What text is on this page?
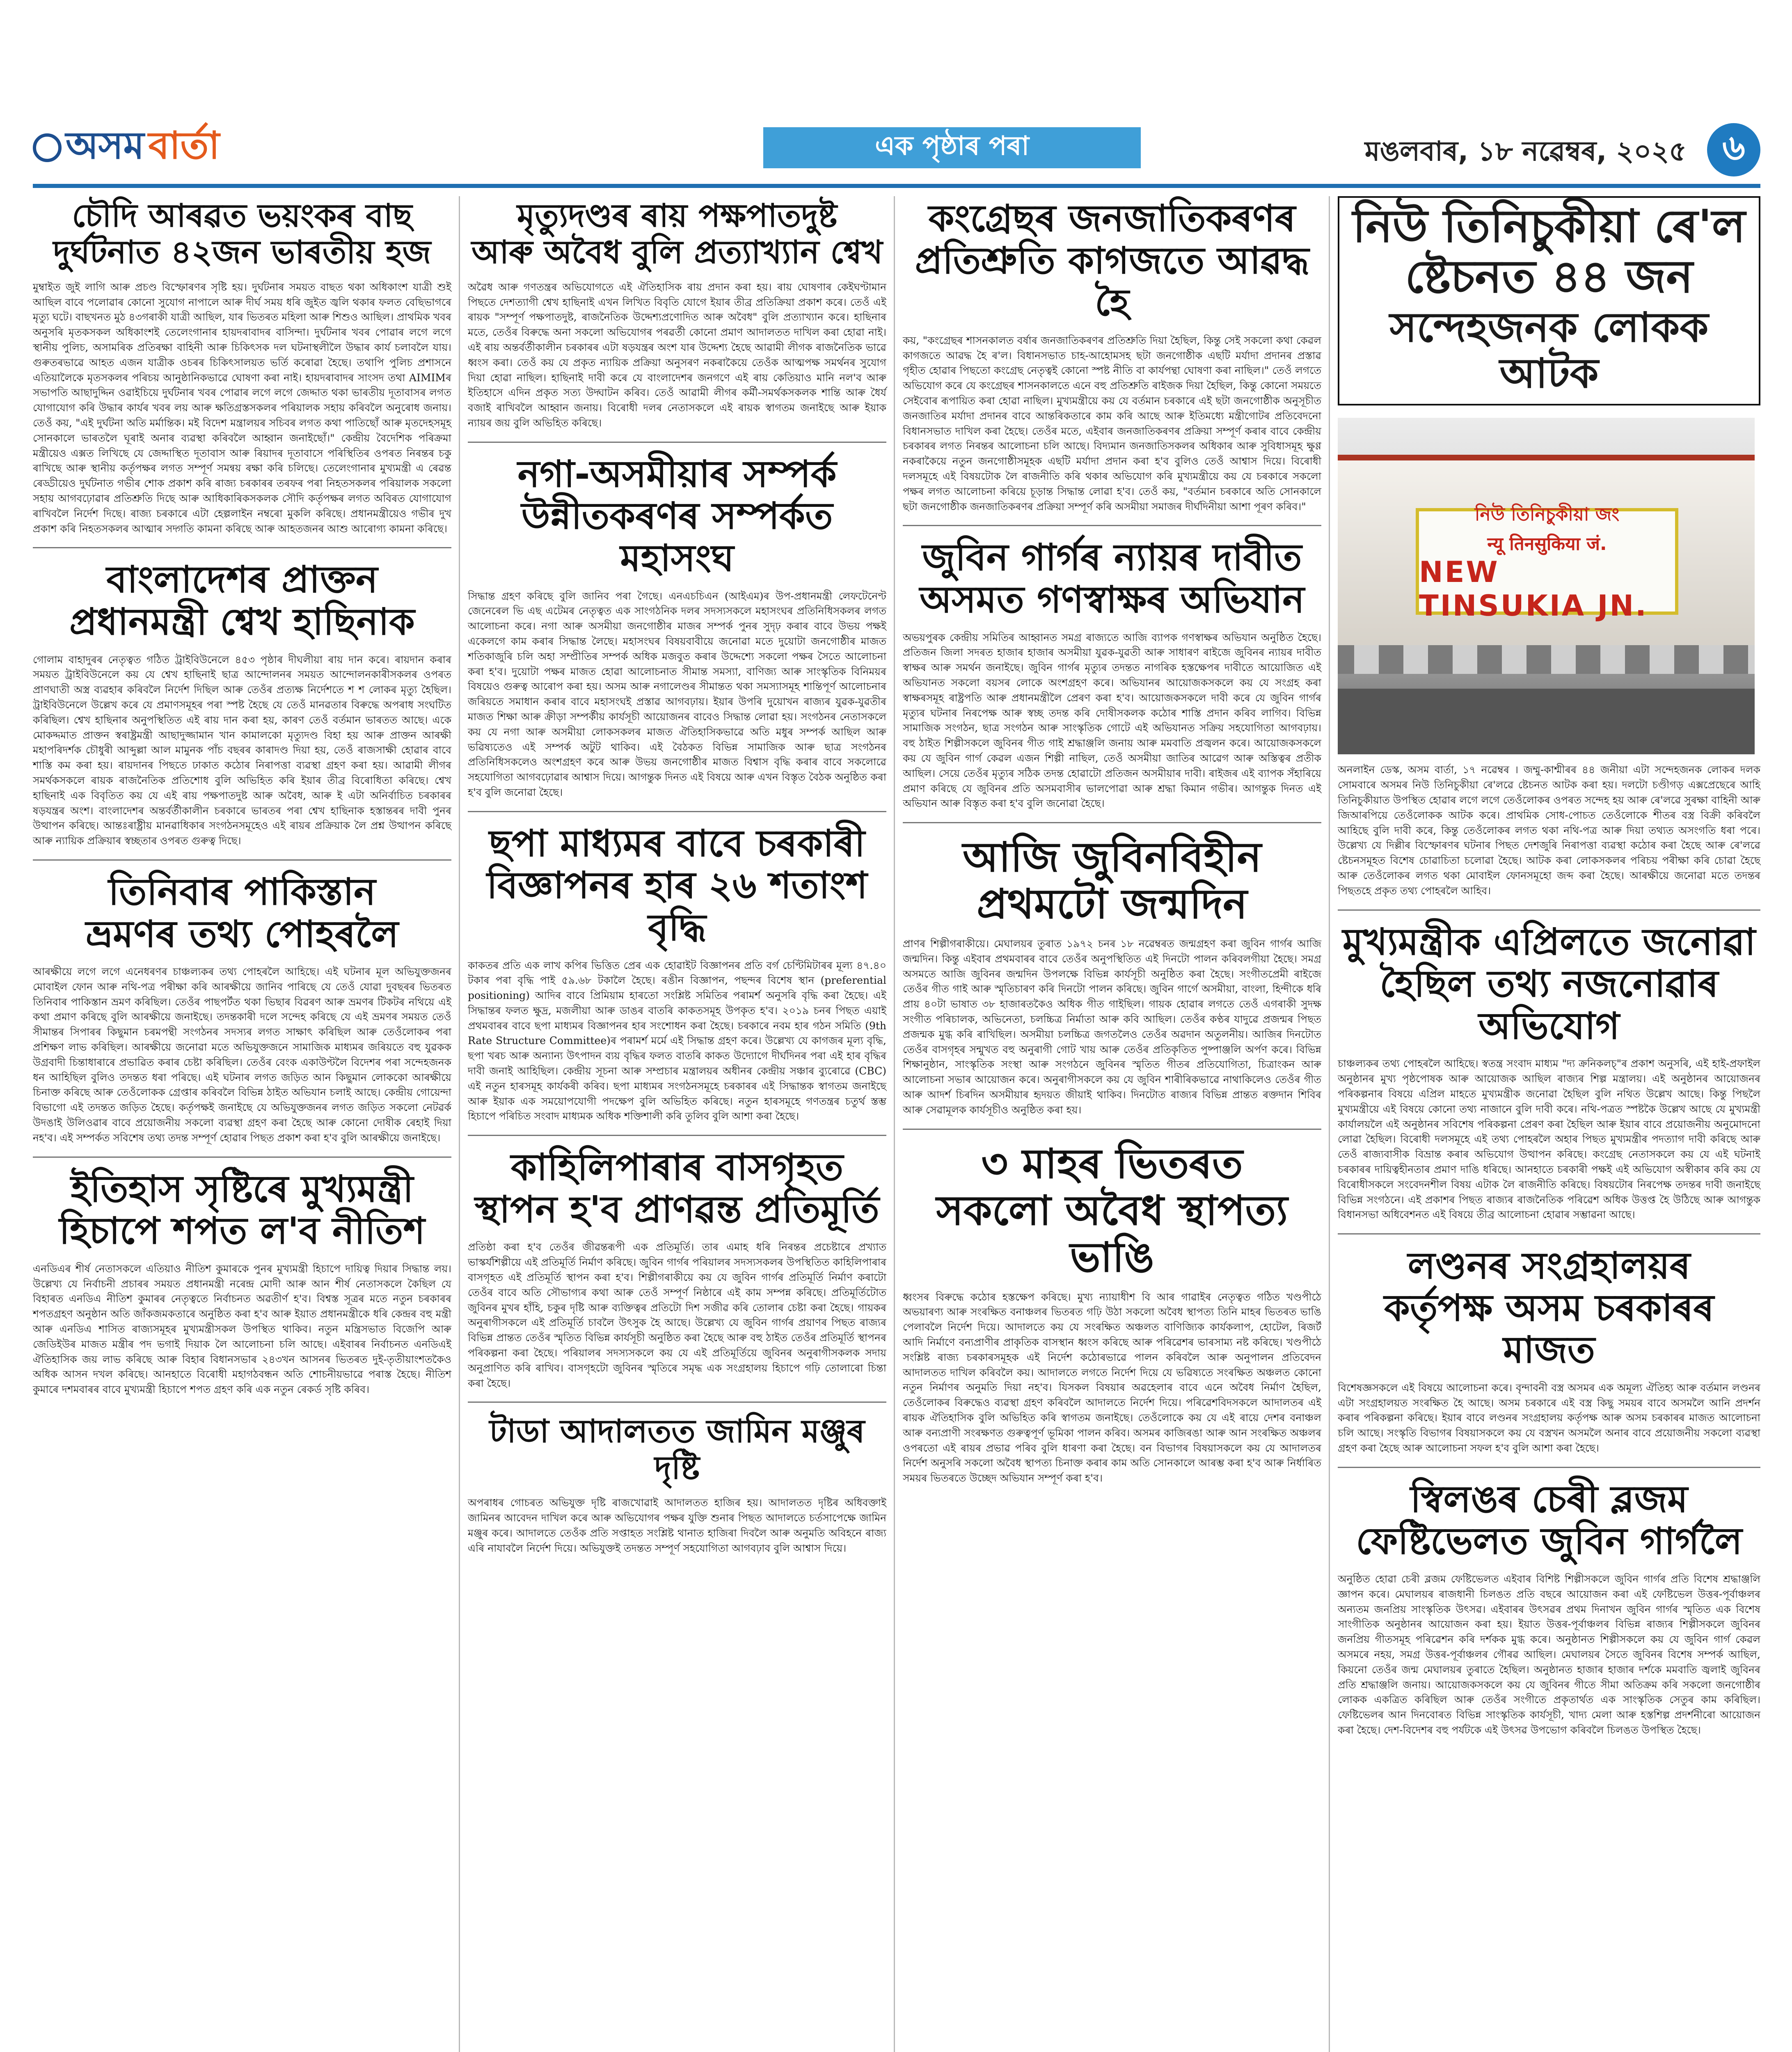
অসম বাৰ্তা	এক পৃষ্ঠাৰ পৰা	মঙলবাৰ, ১৮ নৱেম্বৰ, ২০২৫	৬
চৌদি আৰৱত ভয়ংকৰ বাছ
দুৰ্ঘটনাত ৪২জন ভাৰতীয় হজ
মুম্বাইত জুই লাগি আৰু প্ৰচণ্ড বিস্ফোৰণৰ সৃষ্টি হয়। দুৰ্ঘটনাৰ সময়ত বাছত থকা অধিকাংশ যাত্ৰী শুই আছিল বাবে পলোৱাৰ কোনো সুযোগ নাপালে আৰু দীৰ্ঘ সময় ধৰি জুইত জ্বলি থকাৰ ফলত বেছিভাগৰে মৃত্যু ঘটে। বাছখনত মুঠ ৪৩গৰাকী যাত্ৰী আছিল, যাৰ ভিতৰত মহিলা আৰু শিশুও আছিল। প্ৰাথমিক খবৰ অনুসৰি মৃতকসকল অধিকাংশই তেলেংগানাৰ হায়দৰাবাদৰ বাসিন্দা। দুৰ্ঘটনাৰ খবৰ পোৱাৰ লগে লগে স্থানীয় পুলিচ, অসামৰিক প্ৰতিৰক্ষা বাহিনী আৰু চিকিৎসক দল ঘটনাস্থলীলৈ উদ্ধাৰ কাৰ্য চলাবলৈ যায়। গুৰুতৰভাৱে আহত এজন যাত্ৰীক ওচৰৰ চিকিৎসালয়ত ভৰ্তি কৰোৱা হৈছে। তথাপি পুলিচ প্ৰশাসনে এতিয়ালৈকে মৃতসকলৰ পৰিচয় আনুষ্ঠানিকভাৱে ঘোষণা কৰা নাই। হায়দৰাবাদৰ সাংসদ তথা AIMIMৰ সভাপতি আছাদুদ্দিন ওৱাইচিয়ে দুৰ্ঘটনাৰ খবৰ পোৱাৰ লগে লগে জেদ্দাত থকা ভাৰতীয় দূতাবাসৰ লগত যোগাযোগ কৰি উদ্ধাৰ কাৰ্যৰ খবৰ লয় আৰু ক্ষতিগ্ৰস্তসকলৰ পৰিয়ালক সহায় কৰিবলৈ অনুৰোধ জনায়। তেওঁ কয়, "এই দুৰ্ঘটনা অতি মৰ্মান্তিক। মই বিদেশ মন্ত্ৰালয়ৰ সচিবৰ লগত কথা পাতিছোঁ আৰু মৃতদেহসমূহ সোনকালে ভাৰতলৈ ঘূৰাই অনাৰ ব্যৱস্থা কৰিবলৈ আহ্বান জনাইছোঁ।" কেন্দ্ৰীয় বৈদেশিক পৰিক্ৰমা মন্ত্ৰীয়েও এক্সত লিখিছে যে জেদ্দাস্থিত দূতাবাস আৰু ৰিয়াদৰ দূতাবাসে পৰিস্থিতিৰ ওপৰত নিৰন্তৰ চকু ৰাখিছে আৰু স্থানীয় কৰ্তৃপক্ষৰ লগত সম্পূৰ্ণ সমন্বয় ৰক্ষা কৰি চলিছে। তেলেংগানাৰ মুখ্যমন্ত্ৰী এ ৰেৱন্ত ৰেড্ডীয়েও দুৰ্ঘটনাত গভীৰ শোক প্ৰকাশ কৰি ৰাজ্য চৰকাৰৰ তৰফৰ পৰা নিহতসকলৰ পৰিয়ালক সকলো সহায় আগবঢ়োৱাৰ প্ৰতিশ্ৰুতি দিছে আৰু আধিকাৰিকসকলক সৌদি কৰ্তৃপক্ষৰ লগত অবিৰত যোগাযোগ ৰাখিবলৈ নিৰ্দেশ দিছে। ৰাজ্য চৰকাৰে এটা হেল্পলাইন নম্বৰো মুকলি কৰিছে। প্ৰধানমন্ত্ৰীয়েও গভীৰ দুখ প্ৰকাশ কৰি নিহতসকলৰ আত্মাৰ সদ্গতি কামনা কৰিছে আৰু আহতজনৰ আশু আৰোগ্য কামনা কৰিছে।
বাংলাদেশৰ প্ৰাক্তন
প্ৰধানমন্ত্ৰী শ্বেখ হাছিনাক
গোলাম বাহাদুৰৰ নেতৃত্বত গঠিত ট্ৰাইবিউনেলে ৪৫৩ পৃষ্ঠাৰ দীঘলীয়া ৰায় দান কৰে। ৰায়দান কৰাৰ সময়ত ট্ৰাইবিউনেলে কয় যে শ্বেখ হাছিনাই ছাত্ৰ আন্দোলনৰ সময়ত আন্দোলনকাৰীসকলৰ ওপৰত প্ৰাণঘাতী অস্ত্ৰ ব্যৱহাৰ কৰিবলৈ নিৰ্দেশ দিছিল আৰু তেওঁৰ প্ৰত্যক্ষ নিৰ্দেশতে শ শ লোকৰ মৃত্যু হৈছিল। ট্ৰাইবিউনেলে উল্লেখ কৰে যে প্ৰমাণসমূহৰ পৰা স্পষ্ট হৈছে যে তেওঁ মানৱতাৰ বিৰুদ্ধে অপৰাধ সংঘটিত কৰিছিল। শ্বেখ হাছিনাৰ অনুপস্থিতিত এই ৰায় দান কৰা হয়, কাৰণ তেওঁ বৰ্তমান ভাৰতত আছে। একে মোকদ্দমাত প্ৰাক্তন স্বৰাষ্ট্ৰমন্ত্ৰী আছাদুজ্জামান খান কামালকো মৃত্যুদণ্ড বিহা হয় আৰু প্ৰাক্তন আৰক্ষী মহাপৰিদৰ্শক চৌধুৰী আব্দুল্লা আল মামুনক পাঁচ বছৰৰ কাৰাদণ্ড দিয়া হয়, তেওঁ ৰাজসাক্ষী হোৱাৰ বাবে শাস্তি কম কৰা হয়। ৰায়দানৰ পিছতে ঢাকাত কঠোৰ নিৰাপত্তা ব্যৱস্থা গ্ৰহণ কৰা হয়। আৱামী লীগৰ সমৰ্থকসকলে ৰায়ক ৰাজনৈতিক প্ৰতিশোধ বুলি অভিহিত কৰি ইয়াৰ তীব্ৰ বিৰোধিতা কৰিছে। শ্বেখ হাছিনাই এক বিবৃতিত কয় যে এই ৰায় পক্ষপাতদুষ্ট আৰু অবৈধ, আৰু ই এটা অনিৰ্বাচিত চৰকাৰৰ ষড়যন্ত্ৰৰ অংশ। বাংলাদেশৰ অন্তৰ্বৰ্তীকালীন চৰকাৰে ভাৰতৰ পৰা শ্বেখ হাছিনাক হস্তান্তৰৰ দাবী পুনৰ উত্থাপন কৰিছে। আন্তঃৰাষ্ট্ৰীয় মানৱাধিকাৰ সংগঠনসমূহেও এই ৰায়ৰ প্ৰক্ৰিয়াক লৈ প্ৰশ্ন উত্থাপন কৰিছে আৰু ন্যায়িক প্ৰক্ৰিয়াৰ স্বচ্ছতাৰ ওপৰত গুৰুত্ব দিছে।
তিনিবাৰ পাকিস্তান
ভ্ৰমণৰ তথ্য পোহৰলৈ
আৰক্ষীয়ে লগে লগে এনেধৰণৰ চাঞ্চল্যকৰ তথ্য পোহৰলৈ আহিছে। এই ঘটনাৰ মূল অভিযুক্তজনৰ মোবাইল ফোন আৰু নথি-পত্ৰ পৰীক্ষা কৰি আৰক্ষীয়ে জানিব পাৰিছে যে তেওঁ যোৱা দুবছৰৰ ভিতৰত তিনিবাৰ পাকিস্তান ভ্ৰমণ কৰিছিল। তেওঁৰ পাছপৰ্টত থকা ভিছাৰ বিৱৰণ আৰু ভ্ৰমণৰ টিকটৰ নথিয়ে এই কথা প্ৰমাণ কৰিছে বুলি আৰক্ষীয়ে জনাইছে। তদন্তকাৰী দলে সন্দেহ কৰিছে যে এই ভ্ৰমণৰ সময়ত তেওঁ সীমান্তৰ সিপাৰৰ কিছুমান চৰমপন্থী সংগঠনৰ সদস্যৰ লগত সাক্ষাৎ কৰিছিল আৰু তেওঁলোকৰ পৰা প্ৰশিক্ষণ লাভ কৰিছিল। আৰক্ষীয়ে জনোৱা মতে অভিযুক্তজনে সামাজিক মাধ্যমৰ জৰিয়তে বহু যুৱকক উগ্ৰবাদী চিন্তাধাৰাৰে প্ৰভাৱিত কৰাৰ চেষ্টা কৰিছিল। তেওঁৰ বেংক একাউণ্টলৈ বিদেশৰ পৰা সন্দেহজনক ধন আহিছিল বুলিও তদন্তত ধৰা পৰিছে। এই ঘটনাৰ লগত জড়িত আন কিছুমান লোককো আৰক্ষীয়ে চিনাক্ত কৰিছে আৰু তেওঁলোকক গ্ৰেপ্তাৰ কৰিবলৈ বিভিন্ন ঠাইত অভিযান চলাই আছে। কেন্দ্ৰীয় গোয়েন্দা বিভাগো এই তদন্তত জড়িত হৈছে। কৰ্তৃপক্ষই জনাইছে যে অভিযুক্তজনৰ লগত জড়িত সকলো নেটৱৰ্ক উদঙাই উলিওৱাৰ বাবে প্ৰয়োজনীয় সকলো ব্যৱস্থা গ্ৰহণ কৰা হৈছে আৰু কোনো দোষীক ৰেহাই দিয়া নহ'ব। এই সম্পৰ্কত সবিশেষ তথ্য তদন্ত সম্পূৰ্ণ হোৱাৰ পিছত প্ৰকাশ কৰা হ'ব বুলি আৰক্ষীয়ে জনাইছে।
ইতিহাস সৃষ্টিৰে মুখ্যমন্ত্ৰী
হিচাপে শপত ল'ব নীতিশ
এনডিএৰ শীৰ্ষ নেতাসকলে এতিয়াও নীতিশ কুমাৰকে পুনৰ মুখ্যমন্ত্ৰী হিচাপে দায়িত্ব দিয়াৰ সিদ্ধান্ত লয়। উল্লেখ্য যে নিৰ্বাচনী প্ৰচাৰৰ সময়ত প্ৰধানমন্ত্ৰী নৰেন্দ্ৰ মোদী আৰু আন শীৰ্ষ নেতাসকলে কৈছিল যে বিহাৰত এনডিএ নীতিশ কুমাৰৰ নেতৃত্বতে নিৰ্বাচনত অৱতীৰ্ণ হ'ব। বিশ্বস্ত সূত্ৰৰ মতে নতুন চৰকাৰৰ শপতগ্ৰহণ অনুষ্ঠান অতি জাঁকজমকতাৰে অনুষ্ঠিত কৰা হ'ব আৰু ইয়াত প্ৰধানমন্ত্ৰীকে ধৰি কেন্দ্ৰৰ বহু মন্ত্ৰী আৰু এনডিএ শাসিত ৰাজ্যসমূহৰ মুখ্যমন্ত্ৰীসকল উপস্থিত থাকিব। নতুন মন্ত্ৰিসভাত বিজেপি আৰু জেডিইউৰ মাজত মন্ত্ৰীৰ পদ ভগাই দিয়াক লৈ আলোচনা চলি আছে। এইবাৰৰ নিৰ্বাচনত এনডিএই ঐতিহাসিক জয় লাভ কৰিছে আৰু বিহাৰ বিধানসভাৰ ২৪৩খন আসনৰ ভিতৰত দুই-তৃতীয়াংশতকৈও অধিক আসন দখল কৰিছে। আনহাতে বিৰোধী মহাগঠবন্ধন অতি শোচনীয়ভাৱে পৰাস্ত হৈছে। নীতিশ কুমাৰে দশমবাৰৰ বাবে মুখ্যমন্ত্ৰী হিচাপে শপত গ্ৰহণ কৰি এক নতুন ৰেকৰ্ড সৃষ্টি কৰিব।
মৃত্যুদণ্ডৰ ৰায় পক্ষপাতদুষ্ট
আৰু অবৈধ বুলি প্ৰত্যাখ্যান শ্বেখ
অৱৈধ আৰু গণতন্ত্ৰৰ অভিযোগতে এই ঐতিহাসিক ৰায় প্ৰদান কৰা হয়। ৰায় ঘোষণাৰ কেইঘণ্টামান পিছতে দেশত্যাগী শ্বেখ হাছিনাই এখন লিখিত বিবৃতি যোগে ইয়াৰ তীব্ৰ প্ৰতিক্ৰিয়া প্ৰকাশ কৰে। তেওঁ এই ৰায়ক "সম্পূৰ্ণ পক্ষপাতদুষ্ট, ৰাজনৈতিক উদ্দেশ্যপ্ৰণোদিত আৰু অবৈধ" বুলি প্ৰত্যাখ্যান কৰে। হাছিনাৰ মতে, তেওঁৰ বিৰুদ্ধে অনা সকলো অভিযোগৰ পৰৱৰ্তী কোনো প্ৰমাণ আদালতত দাখিল কৰা হোৱা নাই। এই ৰায় অন্তৰ্বৰ্তীকালীন চৰকাৰৰ এটা ষড়যন্ত্ৰৰ অংশ যাৰ উদ্দেশ্য হৈছে আৱামী লীগক ৰাজনৈতিক ভাৱে ধ্বংস কৰা। তেওঁ কয় যে প্ৰকৃত ন্যায়িক প্ৰক্ৰিয়া অনুসৰণ নকৰাকৈয়ে তেওঁক আত্মপক্ষ সমৰ্থনৰ সুযোগ দিয়া হোৱা নাছিল। হাছিনাই দাবী কৰে যে বাংলাদেশৰ জনগণে এই ৰায় কেতিয়াও মানি নল'ব আৰু ইতিহাসে এদিন প্ৰকৃত সত্য উদ্ঘাটন কৰিব। তেওঁ আৱামী লীগৰ কৰ্মী-সমৰ্থকসকলক শান্তি আৰু ধৈৰ্য বজাই ৰাখিবলৈ আহ্বান জনায়। বিৰোধী দলৰ নেতাসকলে এই ৰায়ক স্বাগতম জনাইছে আৰু ইয়াক ন্যায়ৰ জয় বুলি অভিহিত কৰিছে।
নগা-অসমীয়াৰ সম্পৰ্ক
উন্নীতকৰণৰ সম্পৰ্কত মহাসংঘ
সিদ্ধান্ত গ্ৰহণ কৰিছে বুলি জানিব পৰা গৈছে। এনএচচিএন (আইএম)ৰ উপ-প্ৰধানমন্ত্ৰী লেফটেনেণ্ট জেনেৰেল ভি এছ এটেমৰ নেতৃত্বত এক সাংগঠনিক দলৰ সদস্যসকলে মহাসংঘৰ প্ৰতিনিধিসকলৰ লগত আলোচনা কৰে। নগা আৰু অসমীয়া জনগোষ্ঠীৰ মাজৰ সম্পৰ্ক পুনৰ সুদৃঢ় কৰাৰ বাবে উভয় পক্ষই একেলগে কাম কৰাৰ সিদ্ধান্ত লৈছে। মহাসংঘৰ বিষয়বাবীয়ে জনোৱা মতে দুয়োটা জনগোষ্ঠীৰ মাজত শতিকাজুৰি চলি অহা সম্প্ৰীতিৰ সম্পৰ্ক অধিক মজবুত কৰাৰ উদ্দেশ্যে সকলো পক্ষৰ সৈতে আলোচনা কৰা হ'ব। দুয়োটা পক্ষৰ মাজত হোৱা আলোচনাত সীমান্ত সমস্যা, বাণিজ্য আৰু সাংস্কৃতিক বিনিময়ৰ বিষয়েও গুৰুত্ব আৰোপ কৰা হয়। অসম আৰু নগালেণ্ডৰ সীমান্তত থকা সমস্যাসমূহ শান্তিপূৰ্ণ আলোচনাৰ জৰিয়তে সমাধান কৰাৰ বাবে মহাসংঘই প্ৰস্তাৱ আগবঢ়ায়। ইয়াৰ উপৰি দুয়োখন ৰাজ্যৰ যুৱক-যুৱতীৰ মাজত শিক্ষা আৰু ক্ৰীড়া সম্পৰ্কীয় কাৰ্যসূচী আয়োজনৰ বাবেও সিদ্ধান্ত লোৱা হয়। সংগঠনৰ নেতাসকলে কয় যে নগা আৰু অসমীয়া লোকসকলৰ মাজত ঐতিহাসিকভাৱে অতি মধুৰ সম্পৰ্ক আছিল আৰু ভৱিষ্যতেও এই সম্পৰ্ক অটুট থাকিব। এই বৈঠকত বিভিন্ন সামাজিক আৰু ছাত্ৰ সংগঠনৰ প্ৰতিনিধিসকলেও অংশগ্ৰহণ কৰে আৰু উভয় জনগোষ্ঠীৰ মাজত বিশ্বাস বৃদ্ধি কৰাৰ বাবে সকলোৱে সহযোগিতা আগবঢ়োৱাৰ আশ্বাস দিয়ে। আগন্তুক দিনত এই বিষয়ে আৰু এখন বিস্তৃত বৈঠক অনুষ্ঠিত কৰা হ'ব বুলি জনোৱা হৈছে।
ছপা মাধ্যমৰ বাবে চৰকাৰী
বিজ্ঞাপনৰ হাৰ ২৬ শতাংশ বৃদ্ধি
কাকতৰ প্ৰতি এক লাখ কপিৰ ভিত্তিত প্ৰেৰ এক হোৱাইট বিজ্ঞাপনৰ প্ৰতি বৰ্গ চেণ্টিমিটাৰৰ মূল্য ৪৭.৪০ টকাৰ পৰা বৃদ্ধি পাই ৫৯.৬৮ টকালৈ হৈছে। ৰঙীন বিজ্ঞাপন, পছন্দৰ বিশেষ স্থান (preferential positioning) আদিৰ বাবে প্ৰিমিয়াম হাৰতো সংশ্লিষ্ট সমিতিৰ পৰামৰ্শ অনুসৰি বৃদ্ধি কৰা হৈছে। এই সিদ্ধান্তৰ ফলত ক্ষুদ্ৰ, মজলীয়া আৰু ডাঙৰ বাতৰি কাকতসমূহ উপকৃত হ'ব। ২০১৯ চনৰ পিছত এয়াই প্ৰথমবাৰৰ বাবে ছপা মাধ্যমৰ বিজ্ঞাপনৰ হাৰ সংশোধন কৰা হৈছে। চৰকাৰে নবম হাৰ গঠন সমিতি (9th Rate Structure Committee)ৰ পৰামৰ্শ মৰ্মে এই সিদ্ধান্ত গ্ৰহণ কৰে। উল্লেখ্য যে কাগজৰ মূল্য বৃদ্ধি, ছপা খৰচ আৰু অন্যান্য উৎপাদন ব্যয় বৃদ্ধিৰ ফলত বাতৰি কাকত উদ্যোগে দীৰ্ঘদিনৰ পৰা এই হাৰ বৃদ্ধিৰ দাবী জনাই আহিছিল। কেন্দ্ৰীয় সূচনা আৰু সম্প্ৰচাৰ মন্ত্ৰালয়ৰ অধীনৰ কেন্দ্ৰীয় সঞ্চাৰ ব্যুৰোৱে (CBC) এই নতুন হাৰসমূহ কাৰ্যকৰী কৰিব। ছপা মাধ্যমৰ সংগঠনসমূহে চৰকাৰৰ এই সিদ্ধান্তক স্বাগতম জনাইছে আৰু ইয়াক এক সময়োপযোগী পদক্ষেপ বুলি অভিহিত কৰিছে। নতুন হাৰসমূহে গণতন্ত্ৰৰ চতুৰ্থ স্তম্ভ হিচাপে পৰিচিত সংবাদ মাধ্যমক অধিক শক্তিশালী কৰি তুলিব বুলি আশা কৰা হৈছে।
কাহিলিপাৰাৰ বাসগৃহত
স্থাপন হ'ব প্ৰাণৱন্ত প্ৰতিমূৰ্তি
প্ৰতিষ্ঠা কৰা হ'ব তেওঁৰ জীৱন্তৰূপী এক প্ৰতিমূৰ্তি। তাৰ এমাহ ধৰি নিৰন্তৰ প্ৰচেষ্টাৰে প্ৰখ্যাত ভাস্কৰ্যশিল্পীয়ে এই প্ৰতিমূৰ্তি নিৰ্মাণ কৰিছে। জুবিন গাৰ্গৰ পৰিয়ালৰ সদস্যসকলৰ উপস্থিতিত কাহিলিপাৰাৰ বাসগৃহত এই প্ৰতিমূৰ্তি স্থাপন কৰা হ'ব। শিল্পীগৰাকীয়ে কয় যে জুবিন গাৰ্গৰ প্ৰতিমূৰ্তি নিৰ্মাণ কৰাটো তেওঁৰ বাবে অতি সৌভাগ্যৰ কথা আৰু তেওঁ সম্পূৰ্ণ নিষ্ঠাৰে এই কাম সম্পন্ন কৰিছে। প্ৰতিমূৰ্তিটোত জুবিনৰ মুখৰ হাঁহি, চকুৰ দৃষ্টি আৰু ব্যক্তিত্বৰ প্ৰতিটো দিশ সজীৱ কৰি তোলাৰ চেষ্টা কৰা হৈছে। গায়কৰ অনুৰাগীসকলে এই প্ৰতিমূৰ্তি চাবলৈ উৎসুক হৈ আছে। উল্লেখ্য যে জুবিন গাৰ্গৰ প্ৰয়াণৰ পিছত ৰাজ্যৰ বিভিন্ন প্ৰান্তত তেওঁৰ স্মৃতিত বিভিন্ন কাৰ্যসূচী অনুষ্ঠিত কৰা হৈছে আৰু বহু ঠাইত তেওঁৰ প্ৰতিমূৰ্তি স্থাপনৰ পৰিকল্পনা কৰা হৈছে। পৰিয়ালৰ সদস্যসকলে কয় যে এই প্ৰতিমূৰ্তিয়ে জুবিনৰ অনুৰাগীসকলক সদায় অনুপ্ৰাণিত কৰি ৰাখিব। বাসগৃহটো জুবিনৰ স্মৃতিৰে সমৃদ্ধ এক সংগ্ৰহালয় হিচাপে গঢ়ি তোলাৰো চিন্তা কৰা হৈছে।
টাডা আদালতত জামিন মঞ্জুৰ দৃষ্টি
অপৰাধৰ গোচৰত অভিযুক্ত দৃষ্টি ৰাজখোৱাই আদালতত হাজিৰ হয়। আদালতত দৃষ্টিৰ অধিবক্তাই জামিনৰ আবেদন দাখিল কৰে আৰু অভিযোগৰ পক্ষৰ যুক্তি শুনাৰ পিছত আদালতে চৰ্তসাপেক্ষে জামিন মঞ্জুৰ কৰে। আদালতে তেওঁক প্ৰতি সপ্তাহত সংশ্লিষ্ট থানাত হাজিৰা দিবলৈ আৰু অনুমতি অবিহনে ৰাজ্য এৰি নাযাবলৈ নিৰ্দেশ দিয়ে। অভিযুক্তই তদন্তত সম্পূৰ্ণ সহযোগিতা আগবঢ়াব বুলি আশ্বাস দিয়ে।
কংগ্ৰেছৰ জনজাতিকৰণৰ
প্ৰতিশ্ৰুতি কাগজতে আৱদ্ধ হৈ
কয়, "কংগ্ৰেছৰ শাসনকালত বৰ্ষাৰ জনজাতিকৰণৰ প্ৰতিশ্ৰুতি দিয়া হৈছিল, কিন্তু সেই সকলো কথা কেৱল কাগজতে আৱদ্ধ হৈ ৰ'ল। বিধানসভাত চাহ-আহোমসহ ছটা জনগোষ্ঠীক এছটি মৰ্যাদা প্ৰদানৰ প্ৰস্তাৱ গৃহীত হোৱাৰ পিছতো কংগ্ৰেছ নেতৃত্বই কোনো স্পষ্ট নীতি বা কাৰ্যপন্থা ঘোষণা কৰা নাছিল।" তেওঁ লগতে অভিযোগ কৰে যে কংগ্ৰেছৰ শাসনকালতে এনে বহু প্ৰতিশ্ৰুতি ৰাইজক দিয়া হৈছিল, কিন্তু কোনো সময়তে সেইবোৰ ৰূপায়িত কৰা হোৱা নাছিল। মুখ্যমন্ত্ৰীয়ে কয় যে বৰ্তমান চৰকাৰে এই ছটা জনগোষ্ঠীক অনুসূচীত জনজাতিৰ মৰ্যাদা প্ৰদানৰ বাবে আন্তৰিকতাৰে কাম কৰি আছে আৰু ইতিমধ্যে মন্ত্ৰীগোটৰ প্ৰতিবেদনো বিধানসভাত দাখিল কৰা হৈছে। তেওঁৰ মতে, এইবাৰ জনজাতিকৰণৰ প্ৰক্ৰিয়া সম্পূৰ্ণ কৰাৰ বাবে কেন্দ্ৰীয় চৰকাৰৰ লগত নিৰন্তৰ আলোচনা চলি আছে। বিদ্যমান জনজাতিসকলৰ অধিকাৰ আৰু সুবিধাসমূহ ক্ষুণ্ণ নকৰাকৈয়ে নতুন জনগোষ্ঠীসমূহক এছটি মৰ্যাদা প্ৰদান কৰা হ'ব বুলিও তেওঁ আশ্বাস দিয়ে। বিৰোধী দলসমূহে এই বিষয়টোক লৈ ৰাজনীতি কৰি থকাৰ অভিযোগ কৰি মুখ্যমন্ত্ৰীয়ে কয় যে চৰকাৰে সকলো পক্ষৰ লগত আলোচনা কৰিয়ে চূড়ান্ত সিদ্ধান্ত লোৱা হ'ব। তেওঁ কয়, "বৰ্তমান চৰকাৰে অতি সোনকালে ছটা জনগোষ্ঠীক জনজাতিকৰণৰ প্ৰক্ৰিয়া সম্পূৰ্ণ কৰি অসমীয়া সমাজৰ দীৰ্ঘদিনীয়া আশা পূৰণ কৰিব।"
জুবিন গাৰ্গৰ ন্যায়ৰ দাবীত
অসমত গণস্বাক্ষৰ অভিযান
অভয়পুৰক কেন্দ্ৰীয় সমিতিৰ আহ্বানত সমগ্ৰ ৰাজ্যতে আজি ব্যাপক গণস্বাক্ষৰ অভিযান অনুষ্ঠিত হৈছে। প্ৰতিজন জিলা সদৰত হাজাৰ হাজাৰ অসমীয়া যুৱক-যুৱতী আৰু সাধাৰণ ৰাইজে জুবিনৰ ন্যায়ৰ দাবীত স্বাক্ষৰ আৰু সমৰ্থন জনাইছে। জুবিন গাৰ্গৰ মৃত্যুৰ তদন্তত নাগৰিক হস্তক্ষেপৰ দাবীতে আয়োজিত এই অভিযানত সকলো বয়সৰ লোকে অংশগ্ৰহণ কৰে। অভিযানৰ আয়োজকসকলে কয় যে সংগ্ৰহ কৰা স্বাক্ষৰসমূহ ৰাষ্ট্ৰপতি আৰু প্ৰধানমন্ত্ৰীলৈ প্ৰেৰণ কৰা হ'ব। আয়োজকসকলে দাবী কৰে যে জুবিন গাৰ্গৰ মৃত্যুৰ ঘটনাৰ নিৰপেক্ষ আৰু স্বচ্ছ তদন্ত কৰি দোষীসকলক কঠোৰ শাস্তি প্ৰদান কৰিব লাগিব। বিভিন্ন সামাজিক সংগঠন, ছাত্ৰ সংগঠন আৰু সাংস্কৃতিক গোটে এই অভিযানত সক্ৰিয় সহযোগিতা আগবঢ়ায়। বহু ঠাইত শিল্পীসকলে জুবিনৰ গীত গাই শ্ৰদ্ধাঞ্জলি জনায় আৰু মমবাতি প্ৰজ্বলন কৰে। আয়োজকসকলে কয় যে জুবিন গাৰ্গ কেৱল এজন শিল্পী নাছিল, তেওঁ অসমীয়া জাতিৰ আৱেগ আৰু অস্তিত্বৰ প্ৰতীক আছিল। সেয়ে তেওঁৰ মৃত্যুৰ সঠিক তদন্ত হোৱাটো প্ৰতিজন অসমীয়াৰ দাবী। ৰাইজৰ এই ব্যাপক সঁহাৰিয়ে প্ৰমাণ কৰিছে যে জুবিনৰ প্ৰতি অসমবাসীৰ ভালপোৱা আৰু শ্ৰদ্ধা কিমান গভীৰ। আগন্তুক দিনত এই অভিযান আৰু বিস্তৃত কৰা হ'ব বুলি জনোৱা হৈছে।
আজি জুবিনবিহীন
প্ৰথমটো জন্মদিন
প্ৰাণৰ শিল্পীগৰাকীয়ে। মেঘালয়ৰ তুৰাত ১৯৭২ চনৰ ১৮ নৱেম্বৰত জন্মগ্ৰহণ কৰা জুবিন গাৰ্গৰ আজি জন্মদিন। কিন্তু এইবাৰ প্ৰথমবাৰৰ বাবে তেওঁৰ অনুপস্থিতিত এই দিনটো পালন কৰিবলগীয়া হৈছে। সমগ্ৰ অসমতে আজি জুবিনৰ জন্মদিন উপলক্ষে বিভিন্ন কাৰ্যসূচী অনুষ্ঠিত কৰা হৈছে। সংগীতপ্ৰেমী ৰাইজে তেওঁৰ গীত গাই আৰু স্মৃতিচাৰণ কৰি দিনটো পালন কৰিছে। জুবিন গাৰ্গে অসমীয়া, বাংলা, হিন্দীকে ধৰি প্ৰায় ৪০টা ভাষাত ৩৮ হাজাৰতকৈও অধিক গীত গাইছিল। গায়ক হোৱাৰ লগতে তেওঁ এগৰাকী সুদক্ষ সংগীত পৰিচালক, অভিনেতা, চলচ্চিত্ৰ নিৰ্মাতা আৰু কবি আছিল। তেওঁৰ কণ্ঠৰ যাদুৱে প্ৰজন্মৰ পিছত প্ৰজন্মক মুগ্ধ কৰি ৰাখিছিল। অসমীয়া চলচ্চিত্ৰ জগতলৈও তেওঁৰ অৱদান অতুলনীয়। আজিৰ দিনটোত তেওঁৰ বাসগৃহৰ সন্মুখত বহু অনুৰাগী গোট খায় আৰু তেওঁৰ প্ৰতিকৃতিত পুষ্পাঞ্জলি অৰ্পণ কৰে। বিভিন্ন শিক্ষানুষ্ঠান, সাংস্কৃতিক সংস্থা আৰু সংগঠনে জুবিনৰ স্মৃতিত গীতৰ প্ৰতিযোগিতা, চিত্ৰাংকন আৰু আলোচনা সভাৰ আয়োজন কৰে। অনুৰাগীসকলে কয় যে জুবিন শাৰীৰিকভাৱে নাথাকিলেও তেওঁৰ গীত আৰু আদৰ্শ চিৰদিন অসমীয়াৰ হৃদয়ত জীয়াই থাকিব। দিনটোত ৰাজ্যৰ বিভিন্ন প্ৰান্তত ৰক্তদান শিবিৰ আৰু সেৱামূলক কাৰ্যসূচীও অনুষ্ঠিত কৰা হয়।
৩ মাহৰ ভিতৰত
সকলো অবৈধ স্থাপত্য ভাঙি
ধ্বংসৰ বিৰুদ্ধে কঠোৰ হস্তক্ষেপ কৰিছে। মুখ্য ন্যায়াধীশ বি আৰ গাৱাইৰ নেতৃত্বত গঠিত খণ্ডপীঠে অভয়াৰণ্য আৰু সংৰক্ষিত বনাঞ্চলৰ ভিতৰত গঢ়ি উঠা সকলো অবৈধ স্থাপত্য তিনি মাহৰ ভিতৰত ভাঙি পেলাবলৈ নিৰ্দেশ দিয়ে। আদালতে কয় যে সংৰক্ষিত অঞ্চলত বাণিজ্যিক কাৰ্যকলাপ, হোটেল, ৰিজৰ্ট আদি নিৰ্মাণে বন্যপ্ৰাণীৰ প্ৰাকৃতিক বাসস্থান ধ্বংস কৰিছে আৰু পৰিৱেশৰ ভাৰসাম্য নষ্ট কৰিছে। খণ্ডপীঠে সংশ্লিষ্ট ৰাজ্য চৰকাৰসমূহক এই নিৰ্দেশ কঠোৰভাৱে পালন কৰিবলৈ আৰু অনুপালন প্ৰতিবেদন আদালতত দাখিল কৰিবলৈ কয়। আদালতে লগতে নিৰ্দেশ দিয়ে যে ভৱিষ্যতে সংৰক্ষিত অঞ্চলত কোনো নতুন নিৰ্মাণৰ অনুমতি দিয়া নহ'ব। যিসকল বিষয়াৰ অৱহেলাৰ বাবে এনে অবৈধ নিৰ্মাণ হৈছিল, তেওঁলোকৰ বিৰুদ্ধেও ব্যৱস্থা গ্ৰহণ কৰিবলৈ আদালতে নিৰ্দেশ দিয়ে। পৰিৱেশবিদসকলে আদালতৰ এই ৰায়ক ঐতিহাসিক বুলি অভিহিত কৰি স্বাগতম জনাইছে। তেওঁলোকে কয় যে এই ৰায়ে দেশৰ বনাঞ্চল আৰু বন্যপ্ৰাণী সংৰক্ষণত গুৰুত্বপূৰ্ণ ভূমিকা পালন কৰিব। অসমৰ কাজিৰঙা আৰু আন সংৰক্ষিত অঞ্চলৰ ওপৰতো এই ৰায়ৰ প্ৰভাৱ পৰিব বুলি ধাৰণা কৰা হৈছে। বন বিভাগৰ বিষয়াসকলে কয় যে আদালতৰ নিৰ্দেশ অনুসৰি সকলো অবৈধ স্থাপত্য চিনাক্ত কৰাৰ কাম অতি সোনকালে আৰম্ভ কৰা হ'ব আৰু নিৰ্ধাৰিত সময়ৰ ভিতৰতে উচ্ছেদ অভিযান সম্পূৰ্ণ কৰা হ'ব।
নিউ তিনিচুকীয়া ৰে'ল
ষ্টেচনত ৪৪ জন
সন্দেহজনক লোকক আটক
নিউ তিনিচুকীয়া জং
न्यू तिनसुकिया जं.
NEW TINSUKIA JN.
অনলাইন ডেস্ক, অসম বাৰ্তা, ১৭ নৱেম্বৰ । জম্মু-কাশ্মীৰৰ ৪৪ জনীয়া এটা সন্দেহজনক লোকৰ দলক সোমবাৰে অসমৰ নিউ তিনিচুকীয়া ৰে'লৱে ষ্টেচনত আটক কৰা হয়। দলটো চণ্ডীগড় এক্সপ্ৰেছেৰে আহি তিনিচুকীয়াত উপস্থিত হোৱাৰ লগে লগে তেওঁলোকৰ ওপৰত সন্দেহ হয় আৰু ৰে'লৱে সুৰক্ষা বাহিনী আৰু জিআৰপিয়ে তেওঁলোকক আটক কৰে। প্ৰাথমিক সোধ-পোচত তেওঁলোকে শীতৰ বস্ত্ৰ বিক্ৰী কৰিবলৈ আহিছে বুলি দাবী কৰে, কিন্তু তেওঁলোকৰ লগত থকা নথি-পত্ৰ আৰু দিয়া তথ্যত অসংগতি ধৰা পৰে। উল্লেখ্য যে দিল্লীৰ বিস্ফোৰণৰ ঘটনাৰ পিছত দেশজুৰি নিৰাপত্তা ব্যৱস্থা কঠোৰ কৰা হৈছে আৰু ৰে'লৱে ষ্টেচনসমূহত বিশেষ চোৱাচিতা চলোৱা হৈছে। আটক কৰা লোকসকলৰ পৰিচয় পৰীক্ষা কৰি চোৱা হৈছে আৰু তেওঁলোকৰ লগত থকা মোবাইল ফোনসমূহো জব্দ কৰা হৈছে। আৰক্ষীয়ে জনোৱা মতে তদন্তৰ পিছতহে প্ৰকৃত তথ্য পোহৰলৈ আহিব।
মুখ্যমন্ত্ৰীক এপ্ৰিলতে জনোৱা
হৈছিল তথ্য নজনোৱাৰ অভিযোগ
চাঞ্চল্যকৰ তথ্য পোহৰলৈ আহিছে। স্বতন্ত্ৰ সংবাদ মাধ্যম "দ্য ক্ৰনিকলচ্"ৰ প্ৰকাশ অনুসৰি, এই হাই-প্ৰফাইল অনুষ্ঠানৰ মুখ্য পৃষ্ঠপোষক আৰু আয়োজক আছিল ৰাজ্যৰ শিল্প মন্ত্ৰালয়। এই অনুষ্ঠানৰ আয়োজনৰ পৰিকল্পনাৰ বিষয়ে এপ্ৰিল মাহতে মুখ্যমন্ত্ৰীক জনোৱা হৈছিল বুলি নথিত উল্লেখ আছে। কিন্তু পিছলৈ মুখ্যমন্ত্ৰীয়ে এই বিষয়ে কোনো তথ্য নাজানে বুলি দাবী কৰে। নথি-পত্ৰত স্পষ্টকৈ উল্লেখ আছে যে মুখ্যমন্ত্ৰী কাৰ্যালয়লৈ এই অনুষ্ঠানৰ সবিশেষ পৰিকল্পনা প্ৰেৰণ কৰা হৈছিল আৰু ইয়াৰ বাবে প্ৰয়োজনীয় অনুমোদনো লোৱা হৈছিল। বিৰোধী দলসমূহে এই তথ্য পোহৰলৈ অহাৰ পিছত মুখ্যমন্ত্ৰীৰ পদত্যাগ দাবী কৰিছে আৰু তেওঁ ৰাজ্যবাসীক বিভ্ৰান্ত কৰাৰ অভিযোগ উত্থাপন কৰিছে। কংগ্ৰেছ নেতাসকলে কয় যে এই ঘটনাই চৰকাৰৰ দায়িত্বহীনতাৰ প্ৰমাণ দাঙি ধৰিছে। আনহাতে চৰকাৰী পক্ষই এই অভিযোগ অস্বীকাৰ কৰি কয় যে বিৰোধীসকলে সংবেদনশীল বিষয় এটাক লৈ ৰাজনীতি কৰিছে। বিষয়টোৰ নিৰপেক্ষ তদন্তৰ দাবী জনাইছে বিভিন্ন সংগঠনে। এই প্ৰকাশৰ পিছত ৰাজ্যৰ ৰাজনৈতিক পৰিৱেশ অধিক উত্তপ্ত হৈ উঠিছে আৰু আগন্তুক বিধানসভা অধিবেশনত এই বিষয়ে তীব্ৰ আলোচনা হোৱাৰ সম্ভাৱনা আছে।
লণ্ডনৰ সংগ্ৰহালয়ৰ
কৰ্তৃপক্ষ অসম চৰকাৰৰ মাজত
বিশেষজ্ঞসকলে এই বিষয়ে আলোচনা কৰে। বৃন্দাবনী বস্ত্ৰ অসমৰ এক অমূল্য ঐতিহ্য আৰু বৰ্তমান লণ্ডনৰ এটা সংগ্ৰহালয়ত সংৰক্ষিত হৈ আছে। অসম চৰকাৰে এই বস্ত্ৰ কিছু সময়ৰ বাবে অসমলৈ আনি প্ৰদৰ্শন কৰাৰ পৰিকল্পনা কৰিছে। ইয়াৰ বাবে লণ্ডনৰ সংগ্ৰহালয় কৰ্তৃপক্ষ আৰু অসম চৰকাৰৰ মাজত আলোচনা চলি আছে। সংস্কৃতি বিভাগৰ বিষয়াসকলে কয় যে বস্ত্ৰখন অসমলৈ অনাৰ বাবে প্ৰয়োজনীয় সকলো ব্যৱস্থা গ্ৰহণ কৰা হৈছে আৰু আলোচনা সফল হ'ব বুলি আশা কৰা হৈছে।
স্বিলঙৰ চেৰী ব্লজম
ফেষ্টিভেলত জুবিন গাৰ্গলৈ
অনুষ্ঠিত হোৱা চেৰী ব্লজম ফেষ্টিভেলত এইবাৰ বিশিষ্ট শিল্পীসকলে জুবিন গাৰ্গৰ প্ৰতি বিশেষ শ্ৰদ্ধাঞ্জলি জ্ঞাপন কৰে। মেঘালয়ৰ ৰাজধানী চিলঙত প্ৰতি বছৰে আয়োজন কৰা এই ফেষ্টিভেল উত্তৰ-পূৰ্বাঞ্চলৰ অন্যতম জনপ্ৰিয় সাংস্কৃতিক উৎসৱ। এইবাৰৰ উৎসৱৰ প্ৰথম দিনাখন জুবিন গাৰ্গৰ স্মৃতিত এক বিশেষ সাংগীতিক অনুষ্ঠানৰ আয়োজন কৰা হয়। ইয়াত উত্তৰ-পূৰ্বাঞ্চলৰ বিভিন্ন ৰাজ্যৰ শিল্পীসকলে জুবিনৰ জনপ্ৰিয় গীতসমূহ পৰিৱেশন কৰি দৰ্শকক মুগ্ধ কৰে। অনুষ্ঠানত শিল্পীসকলে কয় যে জুবিন গাৰ্গ কেৱল অসমৰে নহয়, সমগ্ৰ উত্তৰ-পূৰ্বাঞ্চলৰ গৌৰৱ আছিল। মেঘালয়ৰ সৈতে জুবিনৰ বিশেষ সম্পৰ্ক আছিল, কিয়নো তেওঁৰ জন্ম মেঘালয়ৰ তুৰাতে হৈছিল। অনুষ্ঠানত হাজাৰ হাজাৰ দৰ্শকে মমবাতি জ্বলাই জুবিনৰ প্ৰতি শ্ৰদ্ধাঞ্জলি জনায়। আয়োজকসকলে কয় যে জুবিনৰ গীতে সীমা অতিক্ৰম কৰি সকলো জনগোষ্ঠীৰ লোকক একত্ৰিত কৰিছিল আৰু তেওঁৰ সংগীতে প্ৰকৃতাৰ্থত এক সাংস্কৃতিক সেতুৰ কাম কৰিছিল। ফেষ্টিভেলৰ আন দিনবোৰত বিভিন্ন সাংস্কৃতিক কাৰ্যসূচী, খাদ্য মেলা আৰু হস্তশিল্প প্ৰদৰ্শনীৰো আয়োজন কৰা হৈছে। দেশ-বিদেশৰ বহু পৰ্যটকে এই উৎসৱ উপভোগ কৰিবলৈ চিলঙত উপস্থিত হৈছে।
